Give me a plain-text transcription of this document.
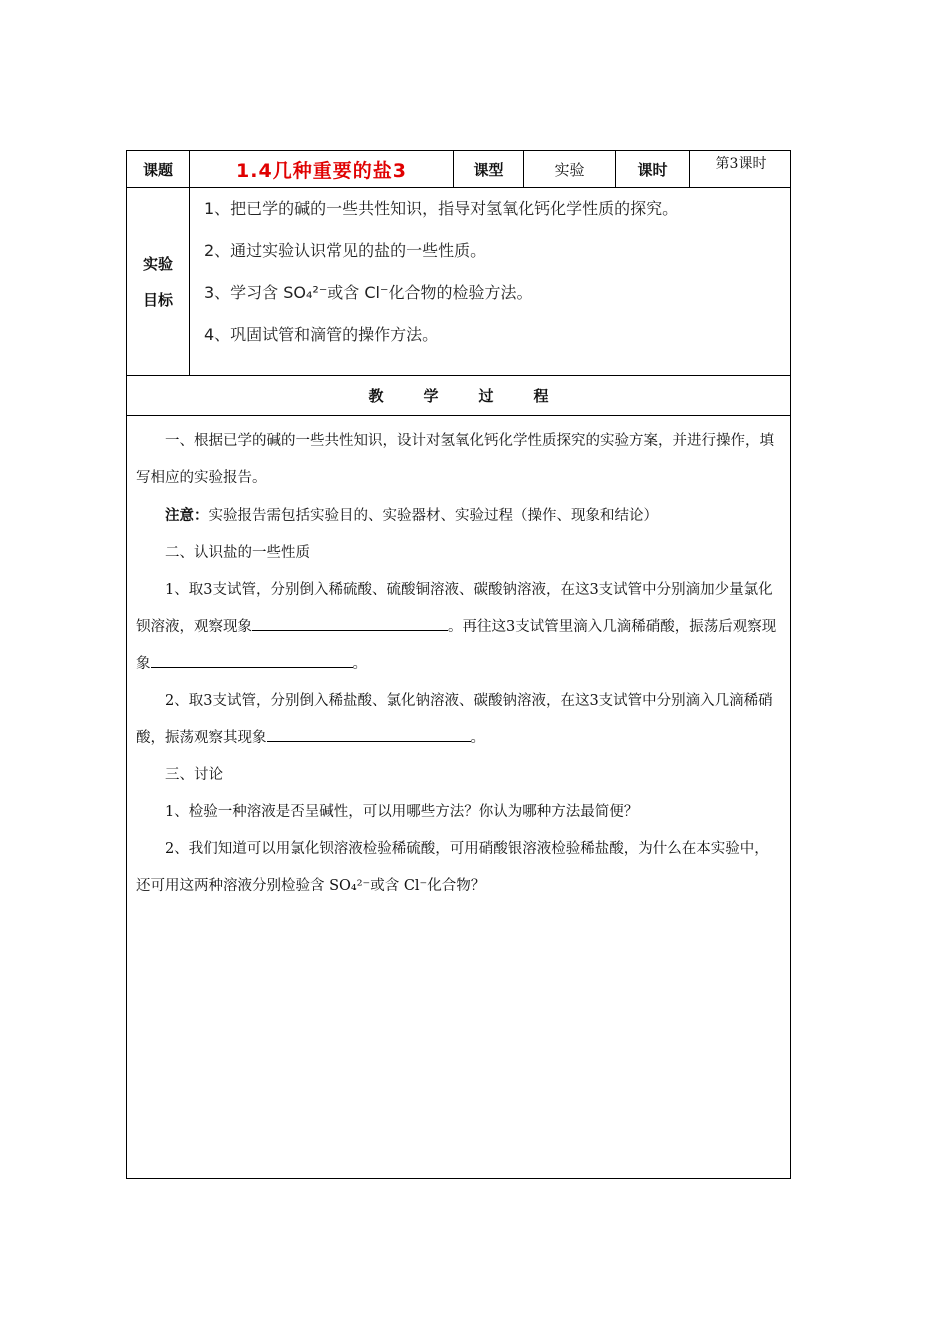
课题	1.4几种重要的盐3	课型	实验	课时	第3课时
实验
目标
1、把已学的碱的一些共性知识，指导对氢氧化钙化学性质的探究。
2、通过实验认识常见的盐的一些性质。
3、学习含 SO₄²⁻或含 Cl⁻化合物的检验方法。
4、巩固试管和滴管的操作方法。
教学过程

一、根据已学的碱的一些共性知识，设计对氢氧化钙化学性质探究的实验方案，并进行操作，填写相应的实验报告。

注意：实验报告需包括实验目的、实验器材、实验过程（操作、现象和结论）

二、认识盐的一些性质

1、取3支试管，分别倒入稀硫酸、硫酸铜溶液、碳酸钠溶液，在这3支试管中分别滴加少量氯化钡溶液，观察现象	。再往这3支试管里滴入几滴稀硝酸，振荡后观察现象	。

2、取3支试管，分别倒入稀盐酸、氯化钠溶液、碳酸钠溶液，在这3支试管中分别滴入几滴稀硝酸，振荡观察其现象	。

三、讨论

1、检验一种溶液是否呈碱性，可以用哪些方法？你认为哪种方法最简便？

2、我们知道可以用氯化钡溶液检验稀硫酸，可用硝酸银溶液检验稀盐酸，为什么在本实验中，还可用这两种溶液分别检验含 SO₄²⁻或含 Cl⁻化合物？
